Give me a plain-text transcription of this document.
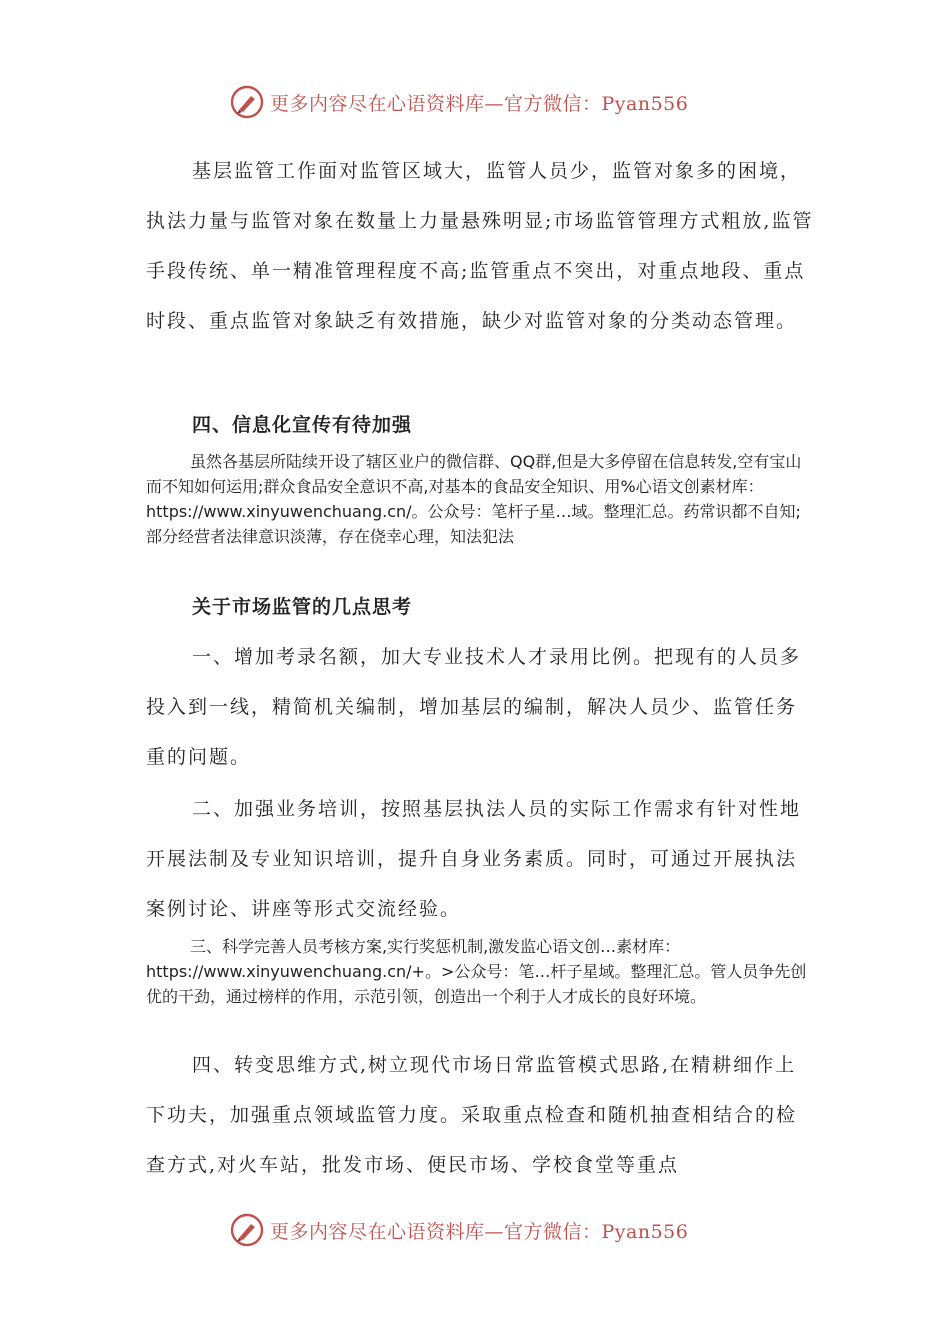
更多内容尽在心语资料库—官方微信：Pyan556

基层监管工作面对监管区域大，监管人员少，监管对象多的困境，执法力量与监管对象在数量上力量悬殊明显;市场监管管理方式粗放,监管手段传统、单一精准管理程度不高;监管重点不突出，对重点地段、重点时段、重点监管对象缺乏有效措施，缺少对监管对象的分类动态管理。

四、信息化宣传有待加强

虽然各基层所陆续开设了辖区业户的微信群、QQ群,但是大多停留在信息转发,空有宝山而不知如何运用;群众食品安全意识不高,对基本的食品安全知识、用%心语文创素材库：https://www.xinyuwenchuang.cn/。公众号：笔杆子星…域。整理汇总。药常识都不自知;部分经营者法律意识淡薄，存在侥幸心理，知法犯法

关于市场监管的几点思考

一、增加考录名额，加大专业技术人才录用比例。把现有的人员多投入到一线，精简机关编制，增加基层的编制，解决人员少、监管任务重的问题。

二、加强业务培训，按照基层执法人员的实际工作需求有针对性地开展法制及专业知识培训，提升自身业务素质。同时，可通过开展执法案例讨论、讲座等形式交流经验。

三、科学完善人员考核方案,实行奖惩机制,激发监心语文创…素材库：https://www.xinyuwenchuang.cn/+。>公众号：笔…杆子星域。整理汇总。管人员争先创优的干劲，通过榜样的作用，示范引领，创造出一个利于人才成长的良好环境。

四、转变思维方式,树立现代市场日常监管模式思路,在精耕细作上下功夫，加强重点领域监管力度。采取重点检查和随机抽查相结合的检查方式,对火车站，批发市场、便民市场、学校食堂等重点

更多内容尽在心语资料库—官方微信：Pyan556
